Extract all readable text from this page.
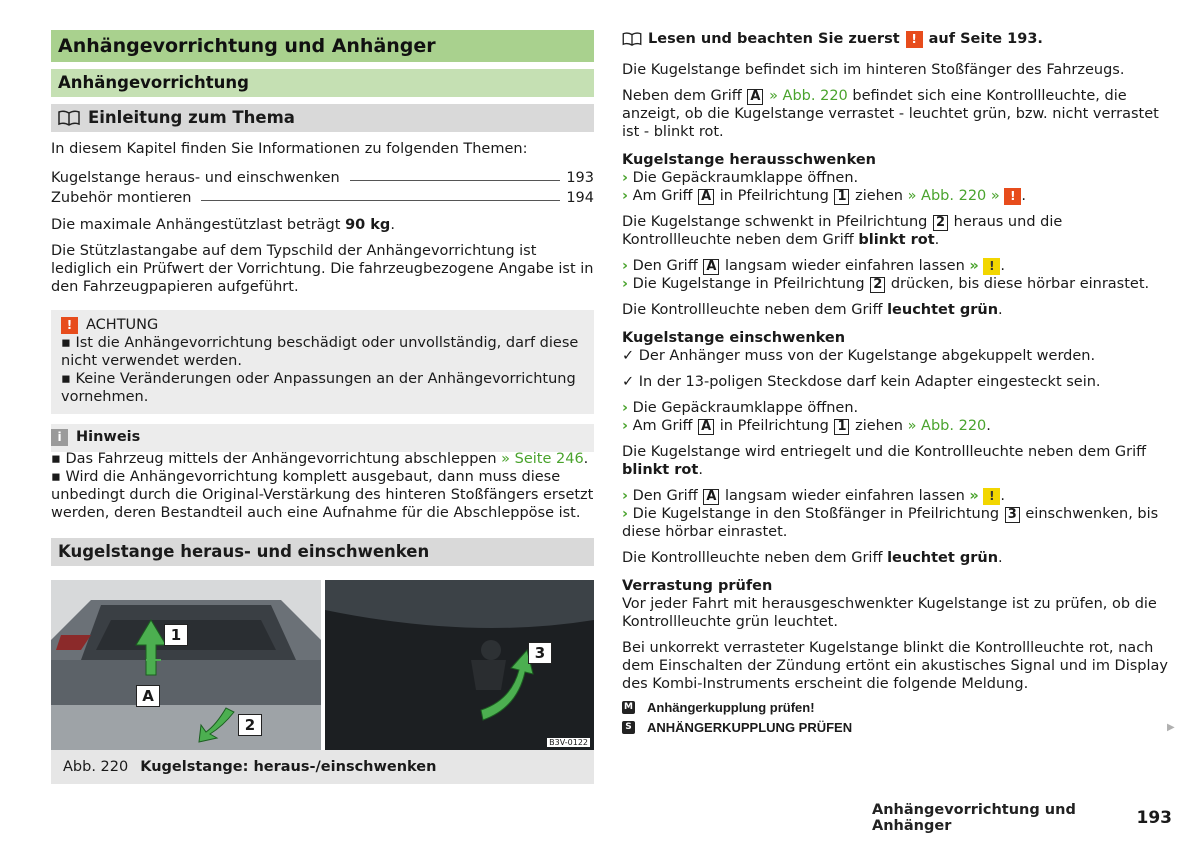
Anhängevorrichtung und Anhänger
Anhängevorrichtung
Einleitung zum Thema

In diesem Kapitel finden Sie Informationen zu folgenden Themen:

Kugelstange heraus- und einschwenken	193
Zubehör montieren	194

Die maximale Anhängestützlast beträgt 90 kg.

Die Stützlastangabe auf dem Typschild der Anhängevorrichtung ist lediglich ein Prüfwert der Vorrichtung. Die fahrzeugbezogene Angabe ist in den Fahrzeugpapieren aufgeführt.

! ACHTUNG

▪ Ist die Anhängevorrichtung beschädigt oder unvollständig, darf diese nicht verwendet werden.

▪ Keine Veränderungen oder Anpassungen an der Anhängevorrichtung vornehmen.

i Hinweis

▪ Das Fahrzeug mittels der Anhängevorrichtung abschleppen » Seite 246.

▪ Wird die Anhängevorrichtung komplett ausgebaut, dann muss diese unbedingt durch die Original-Verstärkung des hinteren Stoßfängers ersetzt werden, deren Bestandteil auch eine Aufnahme für die Abschleppöse ist.

Kugelstange heraus- und einschwenken
1
A
2
3
B3V-0122
Abb. 220 Kugelstange: heraus-/einschwenken
Lesen und beachten Sie zuerst ! auf Seite 193.

Die Kugelstange befindet sich im hinteren Stoßfänger des Fahrzeugs.

Neben dem Griff A » Abb. 220 befindet sich eine Kontrollleuchte, die anzeigt, ob die Kugelstange verrastet - leuchtet grün, bzw. nicht verrastet ist - blinkt rot.

Kugelstange herausschwenken

› Die Gepäckraumklappe öffnen.

› Am Griff A in Pfeilrichtung 1 ziehen » Abb. 220 » ! .

Die Kugelstange schwenkt in Pfeilrichtung 2 heraus und die Kontrollleuchte neben dem Griff blinkt rot.

› Den Griff A langsam wieder einfahren lassen » ! .

› Die Kugelstange in Pfeilrichtung 2 drücken, bis diese hörbar einrastet.

Die Kontrollleuchte neben dem Griff leuchtet grün.

Kugelstange einschwenken

✓ Der Anhänger muss von der Kugelstange abgekuppelt werden.

✓ In der 13-poligen Steckdose darf kein Adapter eingesteckt sein.

› Die Gepäckraumklappe öffnen.

› Am Griff A in Pfeilrichtung 1 ziehen » Abb. 220.

Die Kugelstange wird entriegelt und die Kontrollleuchte neben dem Griff blinkt rot.

› Den Griff A langsam wieder einfahren lassen » ! .

› Die Kugelstange in den Stoßfänger in Pfeilrichtung 3 einschwenken, bis diese hörbar einrastet.

Die Kontrollleuchte neben dem Griff leuchtet grün.

Verrastung prüfen

Vor jeder Fahrt mit herausgeschwenkter Kugelstange ist zu prüfen, ob die Kontrollleuchte grün leuchtet.

Bei unkorrekt verrasteter Kugelstange blinkt die Kontrollleuchte rot, nach dem Einschalten der Zündung ertönt ein akustisches Signal und im Display des Kombi-Instruments erscheint die folgende Meldung.

M Anhängerkupplung prüfen!
S ANHÄNGERKUPPLUNG PRÜFEN	▶
Anhängevorrichtung und Anhänger	193
